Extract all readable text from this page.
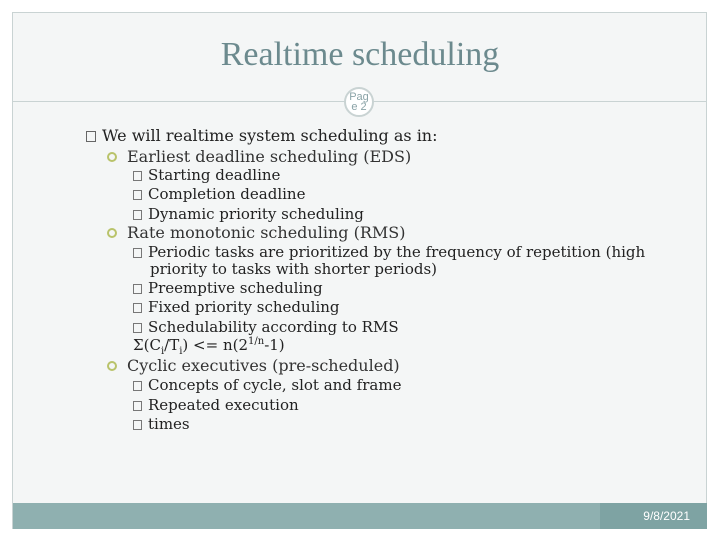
Realtime scheduling
Pag
e 2
We will realtime system scheduling as in:
Earliest deadline scheduling (EDS)
Starting deadline
Completion deadline
Dynamic priority scheduling
Rate monotonic scheduling (RMS)
Periodic tasks are prioritized by the frequency of repetition (high
priority to tasks with shorter periods)
Preemptive scheduling
Fixed priority scheduling
Schedulability according to RMS
$\Sigma(C_i/T_i) <= n(2^{1/n}-1)$
Cyclic executives (pre-scheduled)
Concepts of cycle, slot and frame
Repeated execution
times
9/8/2021
